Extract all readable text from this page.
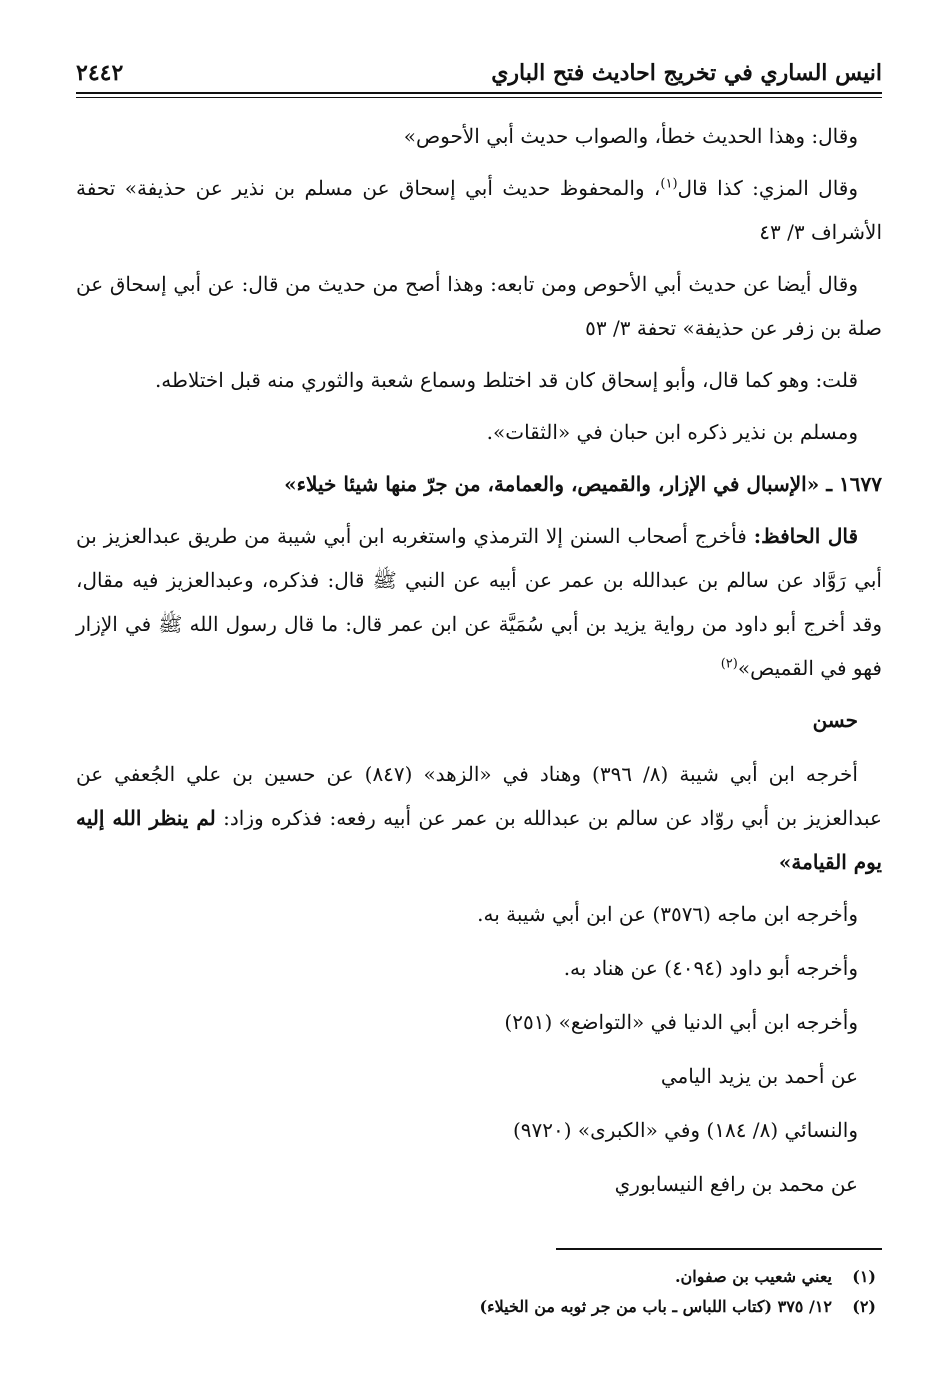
انيس الساري في تخريج احاديث فتح الباري
٢٤٤٢

وقال: وهذا الحديث خطأ، والصواب حديث أبي الأحوص»

وقال المزي: كذا قال$^{(١)}$، والمحفوظ حديث أبي إسحاق عن مسلم بن نذير عن حذيفة» تحفة الأشراف ٣/ ٤٣

وقال أيضا عن حديث أبي الأحوص ومن تابعه: وهذا أصح من حديث من قال: عن أبي إسحاق عن صلة بن زفر عن حذيفة» تحفة ٣/ ٥٣

قلت: وهو كما قال، وأبو إسحاق كان قد اختلط وسماع شعبة والثوري منه قبل اختلاطه.

ومسلم بن نذير ذكره ابن حبان في «الثقات».

١٦٧٧ ـ «الإسبال في الإزار، والقميص، والعمامة، من جرّ منها شيئا خيلاء»

قال الحافظ: فأخرج أصحاب السنن إلا الترمذي واستغربه ابن أبي شيبة من طريق عبدالعزيز بن أبي رَوَّاد عن سالم بن عبدالله بن عمر عن أبيه عن النبي ﷺ قال: فذكره، وعبدالعزيز فيه مقال، وقد أخرج أبو داود من رواية يزيد بن أبي سُمَيَّة عن ابن عمر قال: ما قال رسول الله ﷺ في الإزار فهو في القميص»$^{(٢)}$

حسن

أخرجه ابن أبي شيبة (٨/ ٣٩٦) وهناد في «الزهد» (٨٤٧) عن حسين بن علي الجُعفي عن عبدالعزيز بن أبي روّاد عن سالم بن عبدالله بن عمر عن أبيه رفعه: فذكره وزاد: لم ينظر الله إليه يوم القيامة»

وأخرجه ابن ماجه (٣٥٧٦) عن ابن أبي شيبة به.

وأخرجه أبو داود (٤٠٩٤) عن هناد به.

وأخرجه ابن أبي الدنيا في «التواضع» (٢٥١)

عن أحمد بن يزيد اليامي

والنسائي (٨/ ١٨٤) وفي «الكبرى» (٩٧٢٠)

عن محمد بن رافع النيسابوري

(١)يعني شعيب بن صفوان.
(٢)١٢/ ٣٧٥ (كتاب اللباس ـ باب من جر ثوبه من الخيلاء)
